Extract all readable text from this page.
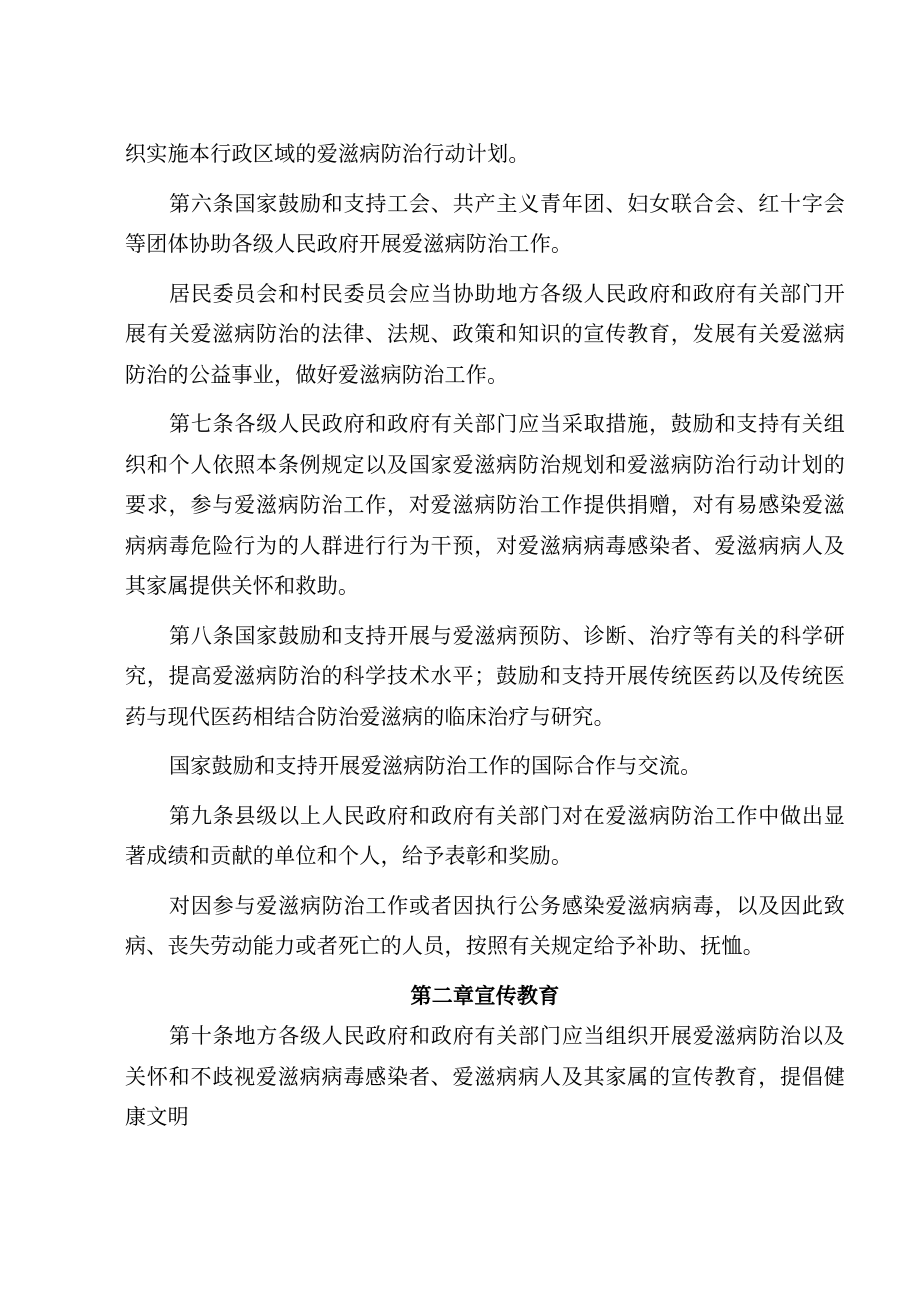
织实施本行政区域的爱滋病防治行动计划。

第六条国家鼓励和支持工会、共产主义青年团、妇女联合会、红十字会等团体协助各级人民政府开展爱滋病防治工作。

居民委员会和村民委员会应当协助地方各级人民政府和政府有关部门开展有关爱滋病防治的法律、法规、政策和知识的宣传教育，发展有关爱滋病防治的公益事业，做好爱滋病防治工作。

第七条各级人民政府和政府有关部门应当采取措施，鼓励和支持有关组织和个人依照本条例规定以及国家爱滋病防治规划和爱滋病防治行动计划的要求，参与爱滋病防治工作，对爱滋病防治工作提供捐赠，对有易感染爱滋病病毒危险行为的人群进行行为干预，对爱滋病病毒感染者、爱滋病病人及其家属提供关怀和救助。

第八条国家鼓励和支持开展与爱滋病预防、诊断、治疗等有关的科学研究，提高爱滋病防治的科学技术水平；鼓励和支持开展传统医药以及传统医药与现代医药相结合防治爱滋病的临床治疗与研究。

国家鼓励和支持开展爱滋病防治工作的国际合作与交流。

第九条县级以上人民政府和政府有关部门对在爱滋病防治工作中做出显著成绩和贡献的单位和个人，给予表彰和奖励。

对因参与爱滋病防治工作或者因执行公务感染爱滋病病毒，以及因此致病、丧失劳动能力或者死亡的人员，按照有关规定给予补助、抚恤。

第二章宣传教育

第十条地方各级人民政府和政府有关部门应当组织开展爱滋病防治以及关怀和不歧视爱滋病病毒感染者、爱滋病病人及其家属的宣传教育，提倡健康文明
